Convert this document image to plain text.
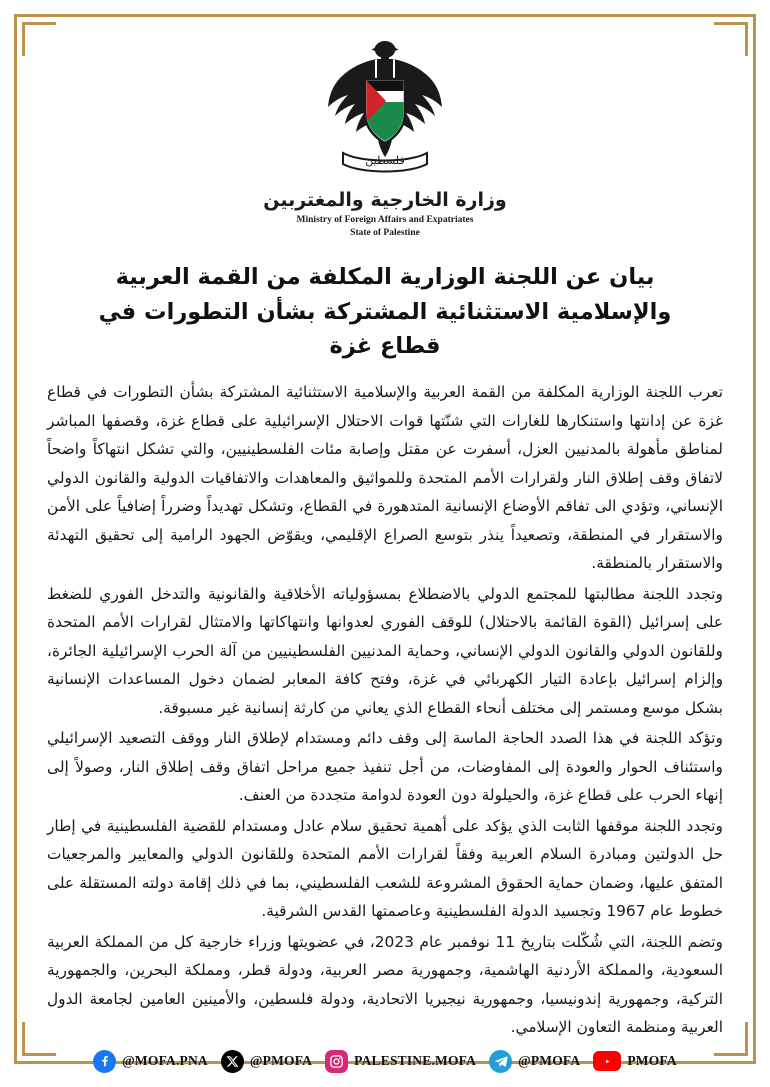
فلسطين
وزارة الخارجية والمغتربين
Ministry of Foreign Affairs and Expatriates
State of Palestine
بيان عن اللجنة الوزارية المكلفة من القمة العربية والإسلامية الاستثنائية المشتركة بشأن التطورات في قطاع غزة

تعرب اللجنة الوزارية المكلفة من القمة العربية والإسلامية الاستثنائية المشتركة بشأن التطورات في قطاع غزة عن إدانتها واستنكارها للغارات التي شنّتها قوات الاحتلال الإسرائيلية على قطاع غزة، وقصفها المباشر لمناطق مأهولة بالمدنيين العزل، أسفرت عن مقتل وإصابة مئات الفلسطينيين، والتي تشكل انتهاكاً واضحاً لاتفاق وقف إطلاق النار ولقرارات الأمم المتحدة وللمواثيق والمعاهدات والاتفاقيات الدولية والقانون الدولي الإنساني، وتؤدي الى تفاقم الأوضاع الإنسانية المتدهورة في القطاع، وتشكل تهديداً وضرراً إضافياً على الأمن والاستقرار في المنطقة، وتصعيداً ينذر بتوسع الصراع الإقليمي، ويقوّض الجهود الرامية إلى تحقيق التهدئة والاستقرار بالمنطقة.

وتجدد اللجنة مطالبتها للمجتمع الدولي بالاضطلاع بمسؤولياته الأخلاقية والقانونية والتدخل الفوري للضغط على إسرائيل (القوة القائمة بالاحتلال) للوقف الفوري لعدوانها وانتهاكاتها والامتثال لقرارات الأمم المتحدة وللقانون الدولي والقانون الدولي الإنساني، وحماية المدنيين الفلسطينيين من آلة الحرب الإسرائيلية الجائرة، وإلزام إسرائيل بإعادة التيار الكهربائي في غزة، وفتح كافة المعابر لضمان دخول المساعدات الإنسانية بشكل موسع ومستمر إلى مختلف أنحاء القطاع الذي يعاني من كارثة إنسانية غير مسبوقة.

وتؤكد اللجنة في هذا الصدد الحاجة الماسة إلى وقف دائم ومستدام لإطلاق النار ووقف التصعيد الإسرائيلي واستئناف الحوار والعودة إلى المفاوضات، من أجل تنفيذ جميع مراحل اتفاق وقف إطلاق النار، وصولاً إلى إنهاء الحرب على قطاع غزة، والحيلولة دون العودة لدوامة متجددة من العنف.

وتجدد اللجنة موقفها الثابت الذي يؤكد على أهمية تحقيق سلام عادل ومستدام للقضية الفلسطينية في إطار حل الدولتين ومبادرة السلام العربية وفقاً لقرارات الأمم المتحدة وللقانون الدولي والمعايير والمرجعيات المتفق عليها، وضمان حماية الحقوق المشروعة للشعب الفلسطيني، بما في ذلك إقامة دولته المستقلة على خطوط عام 1967 وتجسيد الدولة الفلسطينية وعاصمتها القدس الشرقية.

وتضم اللجنة، التي شُكّلت بتاريخ 11 نوفمبر عام 2023، في عضويتها وزراء خارجية كل من المملكة العربية السعودية، والمملكة الأردنية الهاشمية، وجمهورية مصر العربية، ودولة قطر، ومملكة البحرين، والجمهورية التركية، وجمهورية إندونيسيا، وجمهورية نيجيريا الاتحادية، ودولة فلسطين، والأمينين العامين لجامعة الدول العربية ومنظمة التعاون الإسلامي.

@MOFA.PNA	@PMOFA	PALESTINE.MOFA	@PMOFA	PMOFA
